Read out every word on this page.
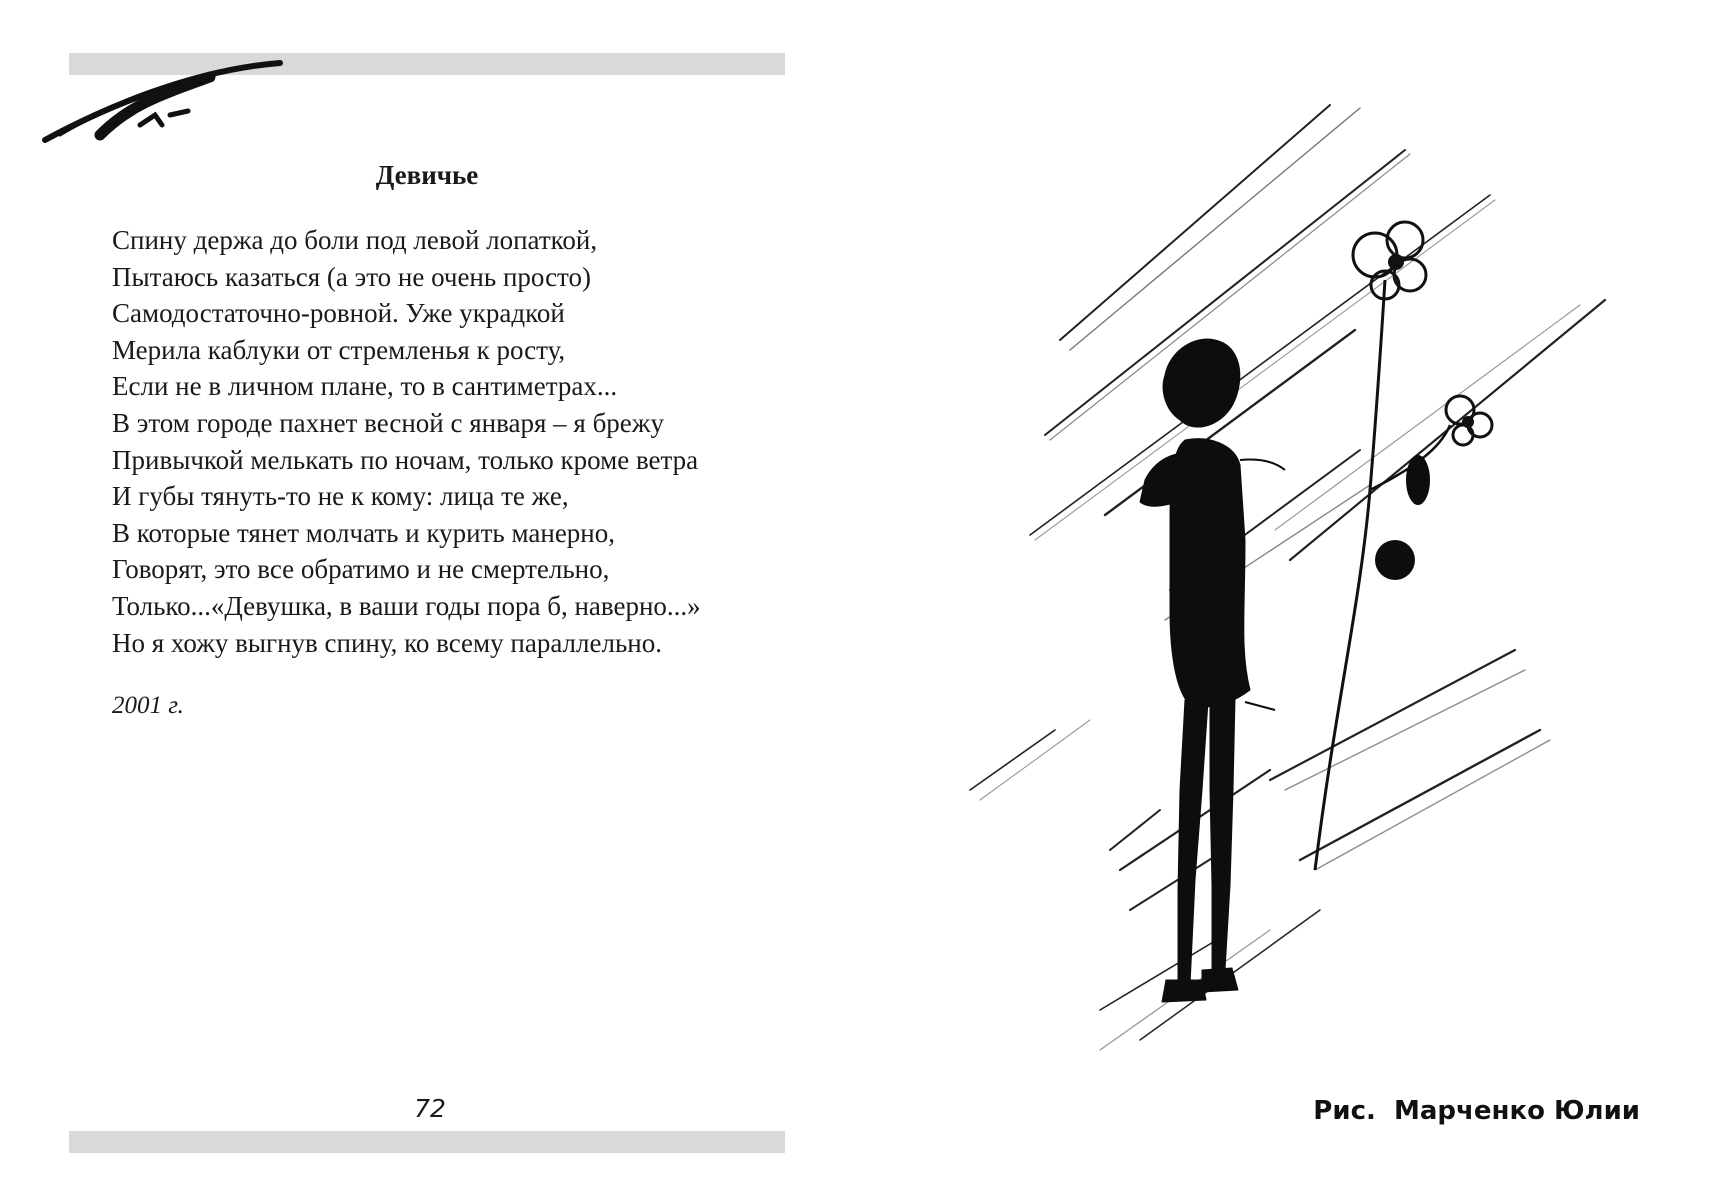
Девичье

Спину держа до боли под левой лопаткой,

Пытаюсь казаться (а это не очень просто)

Самодостаточно-ровной. Уже украдкой

Мерила каблуки от стремленья к росту,

Если не в личном плане, то в сантиметрах...

В этом городе пахнет весной с января – я брежу

Привычкой мелькать по ночам, только кроме ветра

И губы тянуть-то не к кому: лица те же,

В которые тянет молчать и курить манерно,

Говорят, это все обратимо и не смертельно,

Только...«Девушка, в ваши годы пора б, наверно...»

Но я хожу выгнув спину, ко всему параллельно.

2001 г.

72	Рис.  Марченко Юлии
